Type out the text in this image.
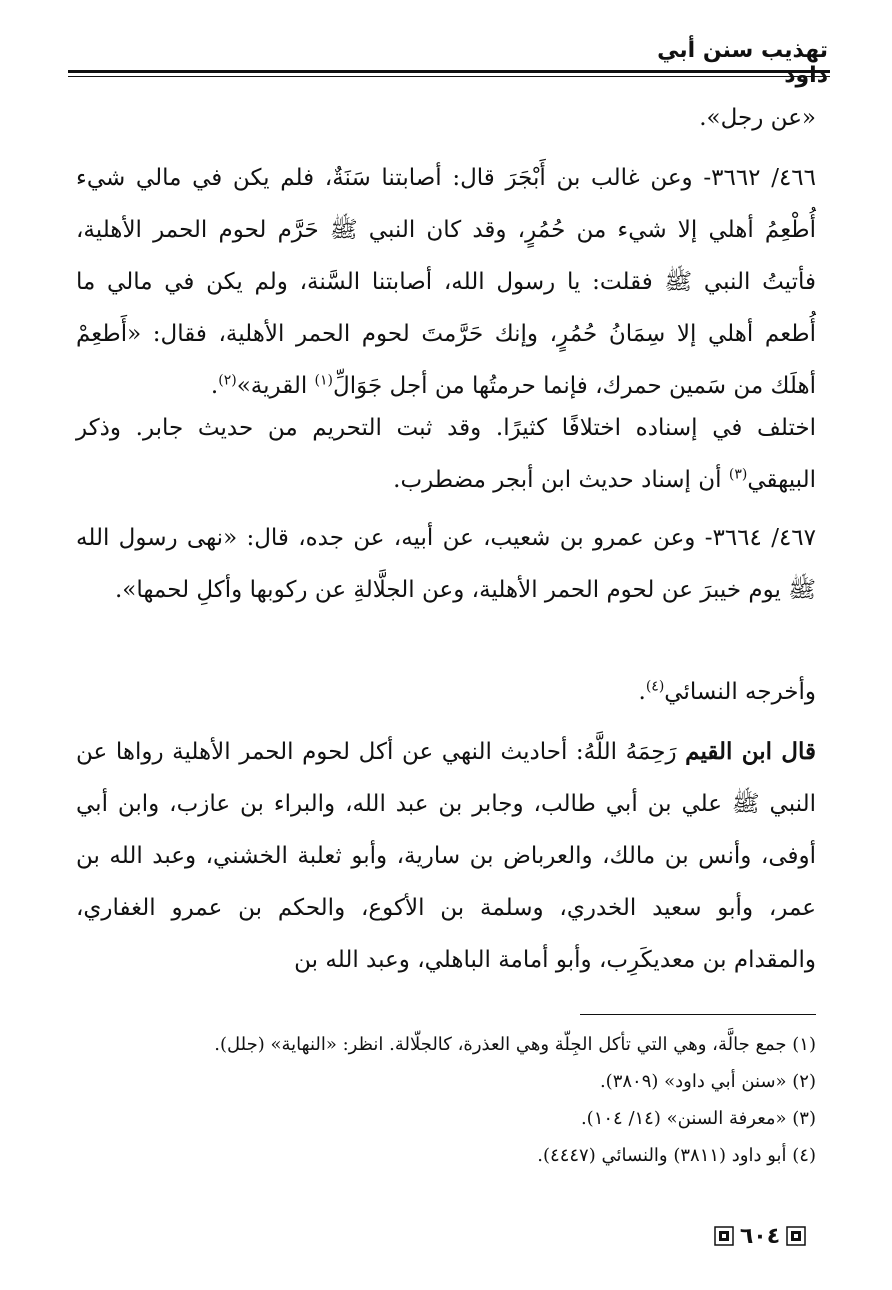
تهذيب سنن أبي

«عن رجل».

٤٦٦/ ٣٦٦٢- وعن غالب بن أَبْجَرَ قال: أصابتنا سَنَةٌ، فلم يكن في مالي شيء أُطْعِمُ أهلي إلا شيء من حُمُرٍ، وقد كان النبي ﷺ حَرَّم لحوم الحمر الأهلية، فأتيتُ النبي ﷺ فقلت: يا رسول الله، أصابتنا السَّنة، ولم يكن في مالي ما أُطعم أهلي إلا سِمَانُ حُمُرٍ، وإنك حَرَّمتَ لحوم الحمر الأهلية، فقال: «أَطعِمْ أهلَك من سَمين حمرك، فإنما حرمتُها من أجل جَوَالِّ$^{(١)}$ القرية»$^{(٢)}$.

اختلف في إسناده اختلافًا كثيرًا. وقد ثبت التحريم من حديث جابر. وذكر البيهقي$^{(٣)}$ أن إسناد حديث ابن أبجر مضطرب.

٤٦٧/ ٣٦٦٤- وعن عمرو بن شعيب، عن أبيه، عن جده، قال: «نهى رسول الله ﷺ يوم خيبرَ عن لحوم الحمر الأهلية، وعن الجلَّالةِ عن ركوبها وأكلِ لحمها».

وأخرجه النسائي$^{(٤)}$.

قال ابن القيم رَحِمَهُ اللَّهُ: أحاديث النهي عن أكل لحوم الحمر الأهلية رواها عن النبي ﷺ علي بن أبي طالب، وجابر بن عبد الله، والبراء بن عازب، وابن أبي أوفى، وأنس بن مالك، والعرباض بن سارية، وأبو ثعلبة الخشني، وعبد الله بن عمر، وأبو سعيد الخدري، وسلمة بن الأكوع، والحكم بن عمرو الغفاري، والمقدام بن معديكَرِب، وأبو أمامة الباهلي، وعبد الله بن

(١) جمع جالَّة، وهي التي تأكل الجِلّة وهي العذرة، كالجلّالة. انظر: «النهاية» (جلل).
(٢) «سنن أبي داود» (٣٨٠٩).
(٣) «معرفة السنن» (١٤/ ١٠٤).
(٤) أبو داود (٣٨١١) والنسائي (٤٤٤٧).
٦٠٤
